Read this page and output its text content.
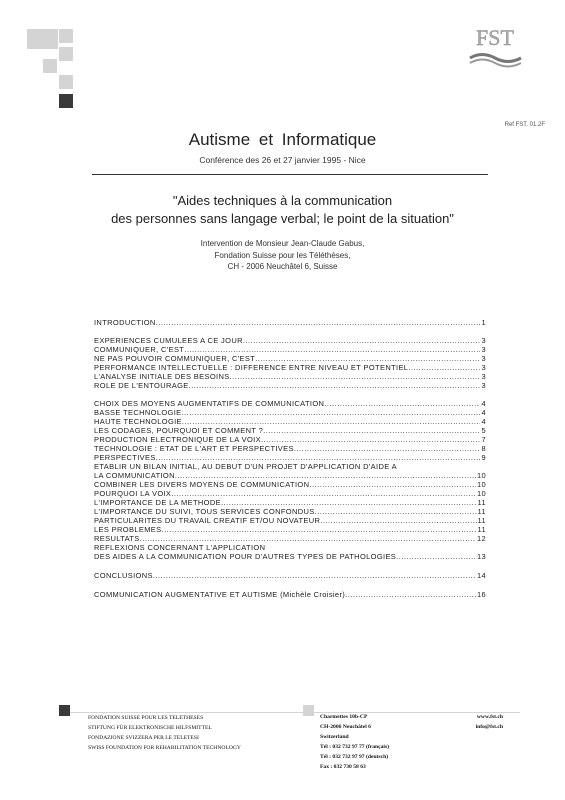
FST
Ref FST. 01.2F
Autisme et Informatique
Conférence des 26 et 27 janvier 1995 - Nice
"Aides techniques à la communication
des personnes sans langage verbal; le point de la situation"
Intervention de Monsieur Jean-Claude Gabus,
Fondation Suisse pour les Téléthèses,
CH - 2006 Neuchâtel 6, Suisse
INTRODUCTION .....	1
EXPERIENCES CUMULEES A CE JOUR .....	3
COMMUNIQUER, C'EST .....	3
NE PAS POUVOIR COMMUNIQUER, C'EST .....	3
PERFORMANCE INTELLECTUELLE : DIFFERENCE ENTRE NIVEAU ET POTENTIEL .....	3
L'ANALYSE INITIALE DES BESOINS .....	3
ROLE DE L'ENTOURAGE .....	3
CHOIX DES MOYENS AUGMENTATIFS DE COMMUNICATION .....	4
BASSE TECHNOLOGIE .....	4
HAUTE TECHNOLOGIE .....	4
LES CODAGES, POURQUOI ET COMMENT ? .....	5
PRODUCTION ELECTRONIQUE DE LA VOIX .....	7
TECHNOLOGIE : ETAT DE L'ART ET PERSPECTIVES .....	8
PERSPECTIVES .....	9
ETABLIR UN BILAN INITIAL, AU DEBUT D'UN PROJET D'APPLICATION D'AIDE A
LA COMMUNICATION .....	10
COMBINER LES DIVERS MOYENS DE COMMUNICATION .....	10
POURQUOI LA VOIX .....	10
L'IMPORTANCE DE LA METHODE .....	11
L'IMPORTANCE DU SUIVI, TOUS SERVICES CONFONDUS .....	11
PARTICULARITES DU TRAVAIL CREATIF ET/OU NOVATEUR .....	11
LES PROBLEMES .....	11
RESULTATS .....	12
REFLEXIONS CONCERNANT L'APPLICATION
DES AIDES A LA COMMUNICATION POUR D'AUTRES TYPES DE PATHOLOGIES .....	13
CONCLUSIONS .....	14
COMMUNICATION AUGMENTATIVE ET AUTISME (Michèle Croisier) .....	16
FONDATION SUISSE POUR LES TELETHESES
STIFTUNG FÜR ELEKTRONISCHE HILFSMITTEL
FONDAZIONE SVIZZERA PER LE TELETESI
SWISS FOUNDATION FOR REHABILITATION TECHNOLOGY
Charmettes 10b-CP
CH-2006 Neuchâtel 6
Switzerland
Tél : 032 732 97 77 (français)
Tél : 032 732 97 97 (deutsch)
Fax : 032 730 58 63
www.fst.ch
info@fst.ch
